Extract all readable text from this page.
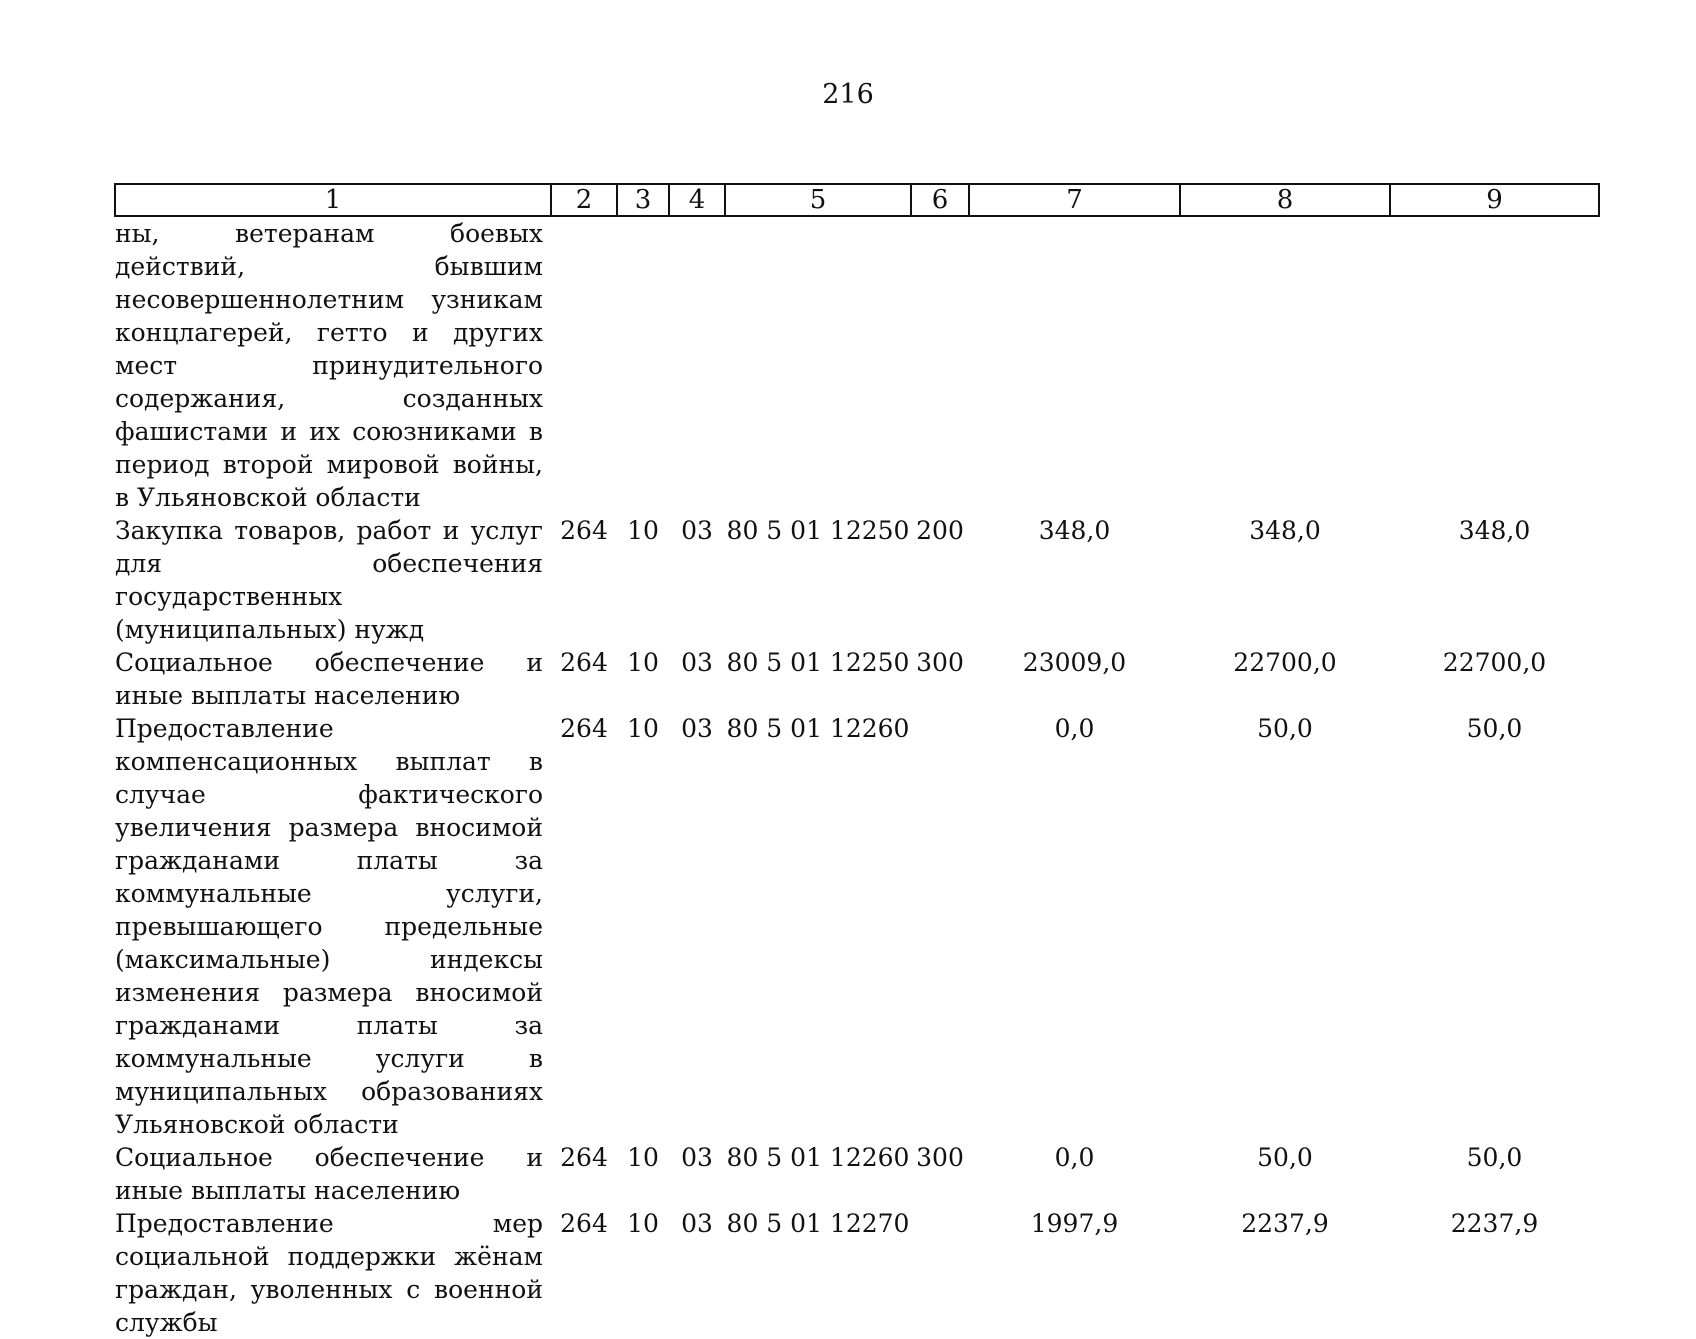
216
1	2	3	4	5	6	7	8	9
ны, ветеранам боевых действий, бывшим несовершеннолетним узникам концлагерей, гетто и других мест принудительного содержания, созданных фашистами и их союзниками в период второй мировой войны, в Ульяновской области								
Закупка товаров, работ и услуг для обеспечения государственных (муниципальных) нужд	264	10	03	80 5 01 12250	200	348,0	348,0	348,0
Социальное обеспечение и иные выплаты населению	264	10	03	80 5 01 12250	300	23009,0	22700,0	22700,0
Предоставление компенсационных выплат в случае фактического увеличения размера вносимой гражданами платы за коммунальные услуги, превышающего предельные (максимальные) индексы изменения размера вносимой гражданами платы за коммунальные услуги в муниципальных образованиях Ульяновской области	264	10	03	80 5 01 12260		0,0	50,0	50,0
Социальное обеспечение и иные выплаты населению	264	10	03	80 5 01 12260	300	0,0	50,0	50,0
Предоставление мер социальной поддержки жёнам граждан, уволенных с военной службы	264	10	03	80 5 01 12270		1997,9	2237,9	2237,9
